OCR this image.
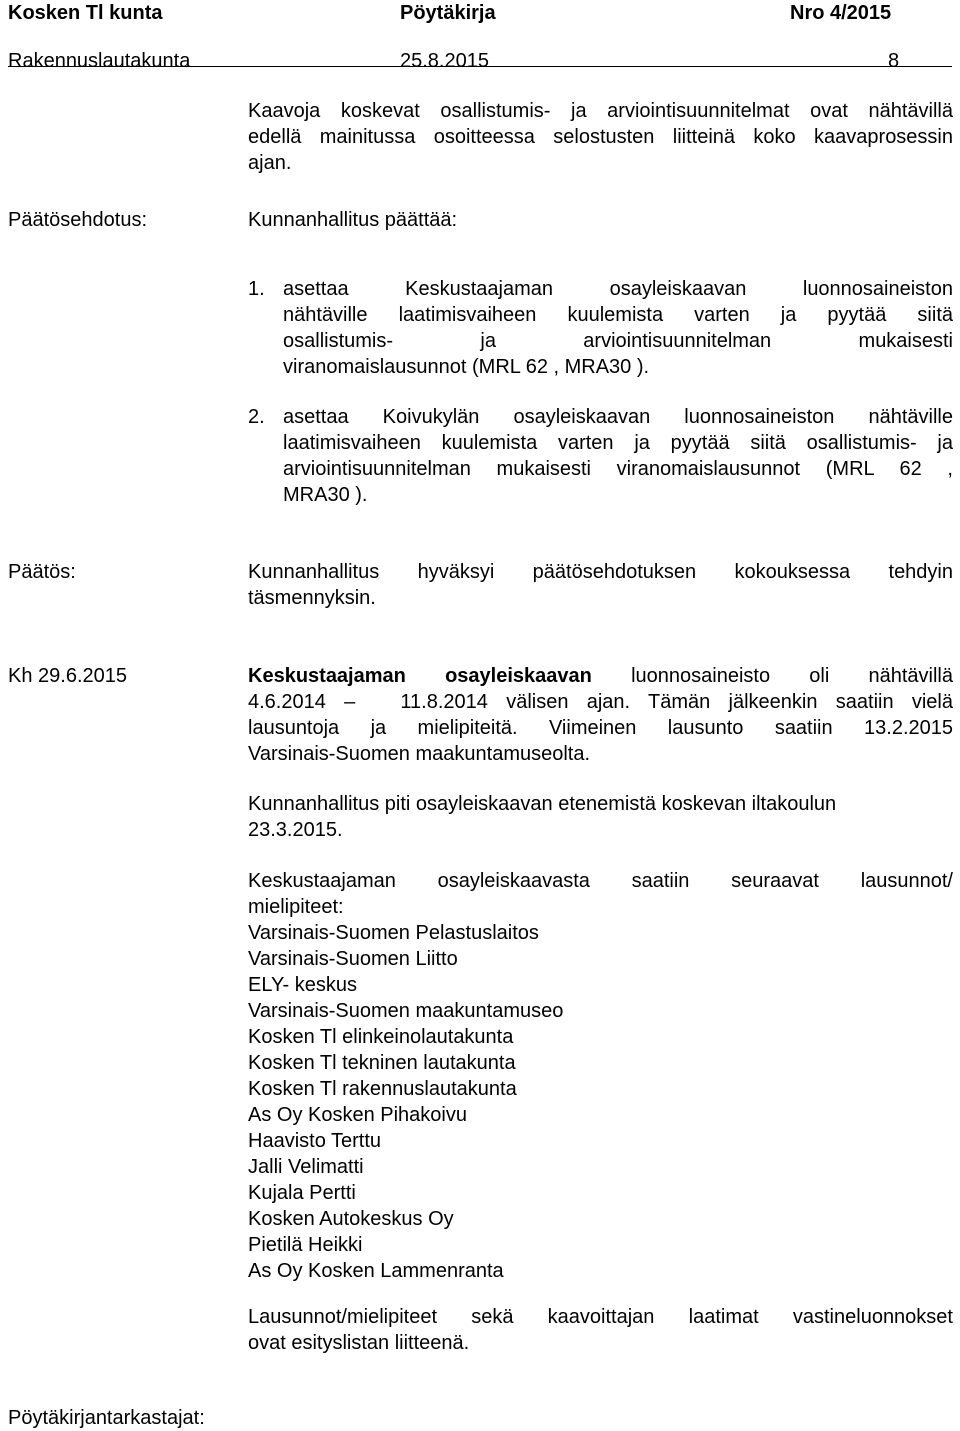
Kosken Tl kunta	Pöytäkirja	Nro 4/2015
Rakennuslautakunta	25.8.2015	8
Kaavoja koskevat osallistumis- ja arviointisuunnitelmat ovat nähtävillä
edellä mainitussa osoitteessa selostusten liitteinä koko kaavaprosessin
ajan.
Päätösehdotus:	Kunnanhallitus päättää:
1. asettaa Keskustaajaman osayleiskaavan luonnosaineiston
nähtäville laatimisvaiheen kuulemista varten ja pyytää siitä
osallistumis- ja arviointisuunnitelman mukaisesti
viranomaislausunnot (MRL 62 , MRA30 ).
2. asettaa Koivukylän osayleiskaavan luonnosaineiston nähtäville
laatimisvaiheen kuulemista varten ja pyytää siitä osallistumis- ja
arviointisuunnitelman mukaisesti viranomaislausunnot (MRL 62 ,
MRA30 ).
Päätös:	Kunnanhallitus hyväksyi päätösehdotuksen kokouksessa tehdyin
täsmennyksin.
Kh 29.6.2015	Keskustaajaman osayleiskaavan luonnosaineisto oli nähtävillä
4.6.2014 – 11.8.2014 välisen ajan. Tämän jälkeenkin saatiin vielä
lausuntoja ja mielipiteitä. Viimeinen lausunto saatiin 13.2.2015
Varsinais-Suomen maakuntamuseolta.
Kunnanhallitus piti osayleiskaavan etenemistä koskevan iltakoulun
23.3.2015.
Keskustaajaman osayleiskaavasta saatiin seuraavat lausunnot/
mielipiteet:
Varsinais-Suomen Pelastuslaitos
Varsinais-Suomen Liitto
ELY- keskus
Varsinais-Suomen maakuntamuseo
Kosken Tl elinkeinolautakunta
Kosken Tl tekninen lautakunta
Kosken Tl rakennuslautakunta
As Oy Kosken Pihakoivu
Haavisto Terttu
Jalli Velimatti
Kujala Pertti
Kosken Autokeskus Oy
Pietilä Heikki
As Oy Kosken Lammenranta
Lausunnot/mielipiteet sekä kaavoittajan laatimat vastineluonnokset
ovat esityslistan liitteenä.
Pöytäkirjantarkastajat:
